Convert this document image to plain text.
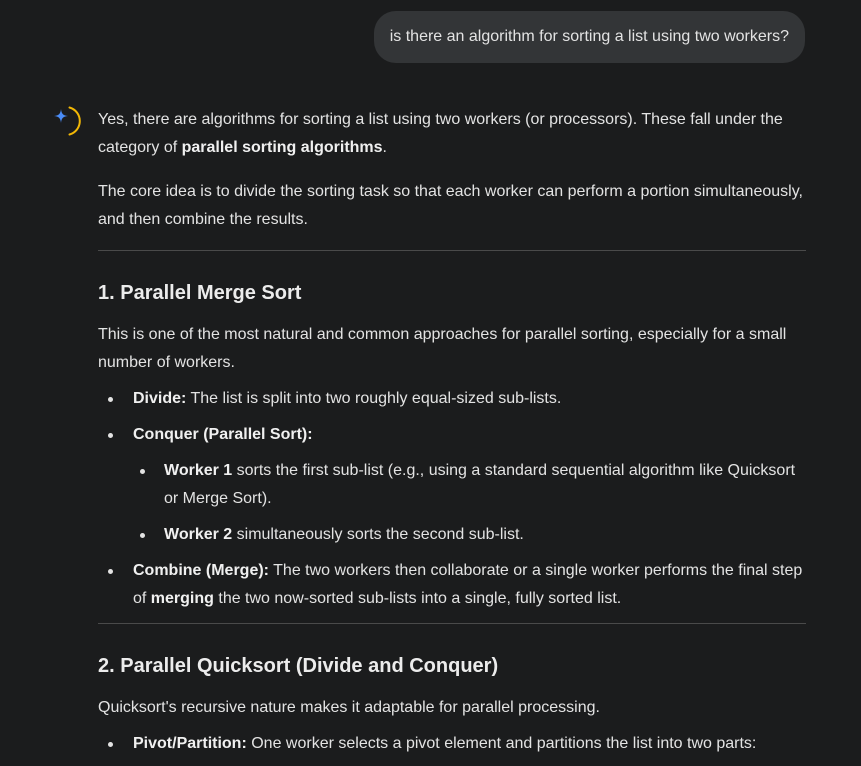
is there an algorithm for sorting a list using two workers?

Yes, there are algorithms for sorting a list using two workers (or processors). These fall under the category of parallel sorting algorithms.

The core idea is to divide the sorting task so that each worker can perform a portion simultaneously, and then combine the results.

1. Parallel Merge Sort

This is one of the most natural and common approaches for parallel sorting, especially for a small number of workers.

Divide: The list is split into two roughly equal-sized sub-lists.
Conquer (Parallel Sort):
Worker 1 sorts the first sub-list (e.g., using a standard sequential algorithm like Quicksort or Merge Sort).
Worker 2 simultaneously sorts the second sub-list.
Combine (Merge): The two workers then collaborate or a single worker performs the final step of merging the two now-sorted sub-lists into a single, fully sorted list.
2. Parallel Quicksort (Divide and Conquer)

Quicksort's recursive nature makes it adaptable for parallel processing.

Pivot/Partition: One worker selects a pivot element and partitions the list into two parts:
